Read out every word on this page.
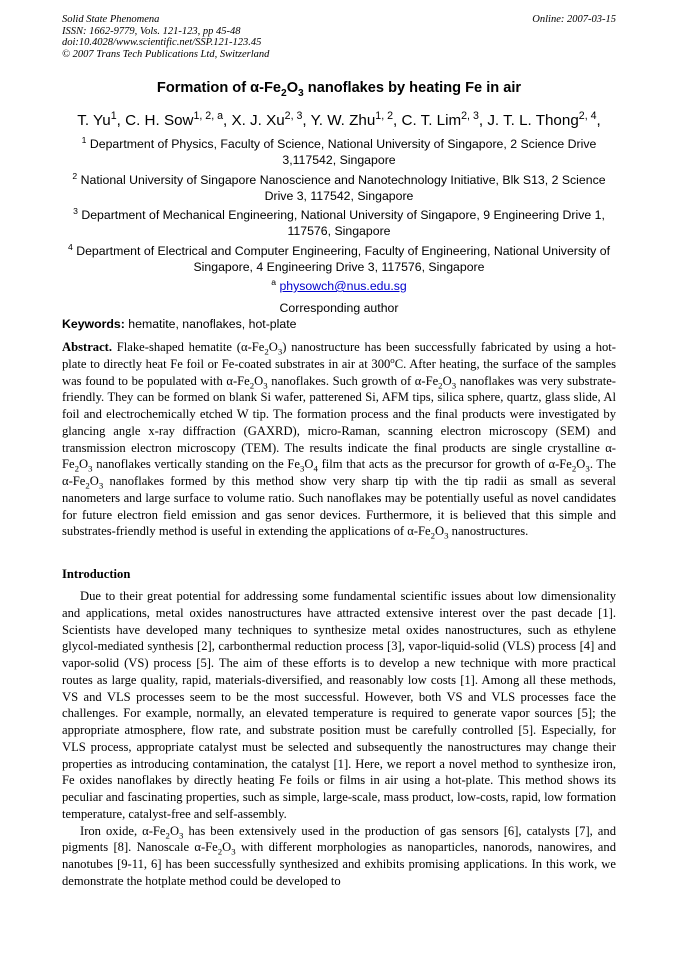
Solid State Phenomena
ISSN: 1662-9779, Vols. 121-123, pp 45-48
doi:10.4028/www.scientific.net/SSP.121-123.45
© 2007 Trans Tech Publications Ltd, Switzerland
Online: 2007-03-15
Formation of $\alpha-Fe_2O_3$ nanoflakes by heating Fe in air
T. Yu$^1$, C. H. Sow$^{1, 2, a}$, X. J. Xu$^{2, 3}$, Y. W. Zhu$^{1, 2}$, C. T. Lim$^{2, 3}$, J. T. L. Thong$^{2, 4}$,
$^1$ Department of Physics, Faculty of Science, National University of Singapore, 2 Science Drive 3,117542, Singapore
$^2$ National University of Singapore Nanoscience and Nanotechnology Initiative, Blk S13, 2 Science Drive 3, 117542, Singapore
$^3$ Department of Mechanical Engineering, National University of Singapore, 9 Engineering Drive 1, 117576, Singapore
$^4$ Department of Electrical and Computer Engineering, Faculty of Engineering, National University of Singapore, 4 Engineering Drive 3, 117576, Singapore
$^a$ physowch@nus.edu.sg
Corresponding author
Keywords: hematite, nanoflakes, hot-plate
Abstract. Flake-shaped hematite $(\alpha-Fe_2O_3)$ nanostructure has been successfully fabricated by using a hot-plate to directly heat Fe foil or Fe-coated substrates in air at 300$^o$C. After heating, the surface of the samples was found to be populated with $\alpha-Fe_2O_3$ nanoflakes. Such growth of $\alpha-Fe_2O_3$ nanoflakes was very substrate-friendly. They can be formed on blank Si wafer, patterened Si, AFM tips, silica sphere, quartz, glass slide, Al foil and electrochemically etched W tip. The formation process and the final products were investigated by glancing angle x-ray diffraction (GAXRD), micro-Raman, scanning electron microscopy (SEM) and transmission electron microscopy (TEM). The results indicate the final products are single crystalline $\alpha-Fe_2O_3$ nanoflakes vertically standing on the $Fe_3O_4$ film that acts as the precursor for growth of $\alpha-Fe_2O_3$. The $\alpha-Fe_2O_3$ nanoflakes formed by this method show very sharp tip with the tip radii as small as several nanometers and large surface to volume ratio. Such nanoflakes may be potentially useful as novel candidates for future electron field emission and gas senor devices. Furthermore, it is believed that this simple and substrates-friendly method is useful in extending the applications of $\alpha-Fe_2O_3$ nanostructures.
Introduction

Due to their great potential for addressing some fundamental scientific issues about low dimensionality and applications, metal oxides nanostructures have attracted extensive interest over the past decade [1]. Scientists have developed many techniques to synthesize metal oxides nanostructures, such as ethylene glycol-mediated synthesis [2], carbonthermal reduction process [3], vapor-liquid-solid (VLS) process [4] and vapor-solid (VS) process [5]. The aim of these efforts is to develop a new technique with more practical routes as large quality, rapid, materials-diversified, and reasonably low costs [1]. Among all these methods, VS and VLS processes seem to be the most successful. However, both VS and VLS processes face the challenges. For example, normally, an elevated temperature is required to generate vapor sources [5]; the appropriate atmosphere, flow rate, and substrate position must be carefully controlled [5]. Especially, for VLS process, appropriate catalyst must be selected and subsequently the nanostructures may change their properties as introducing contamination, the catalyst [1]. Here, we report a novel method to synthesize iron, Fe oxides nanoflakes by directly heating Fe foils or films in air using a hot-plate. This method shows its peculiar and fascinating properties, such as simple, large-scale, mass product, low-costs, rapid, low formation temperature, catalyst-free and self-assembly.

Iron oxide, $\alpha-Fe_2O_3$ has been extensively used in the production of gas sensors [6], catalysts [7], and pigments [8]. Nanoscale $\alpha-Fe_2O_3$ with different morphologies as nanoparticles, nanorods, nanowires, and nanotubes [9-11, 6] has been successfully synthesized and exhibits promising applications. In this work, we demonstrate the hotplate method could be developed to
